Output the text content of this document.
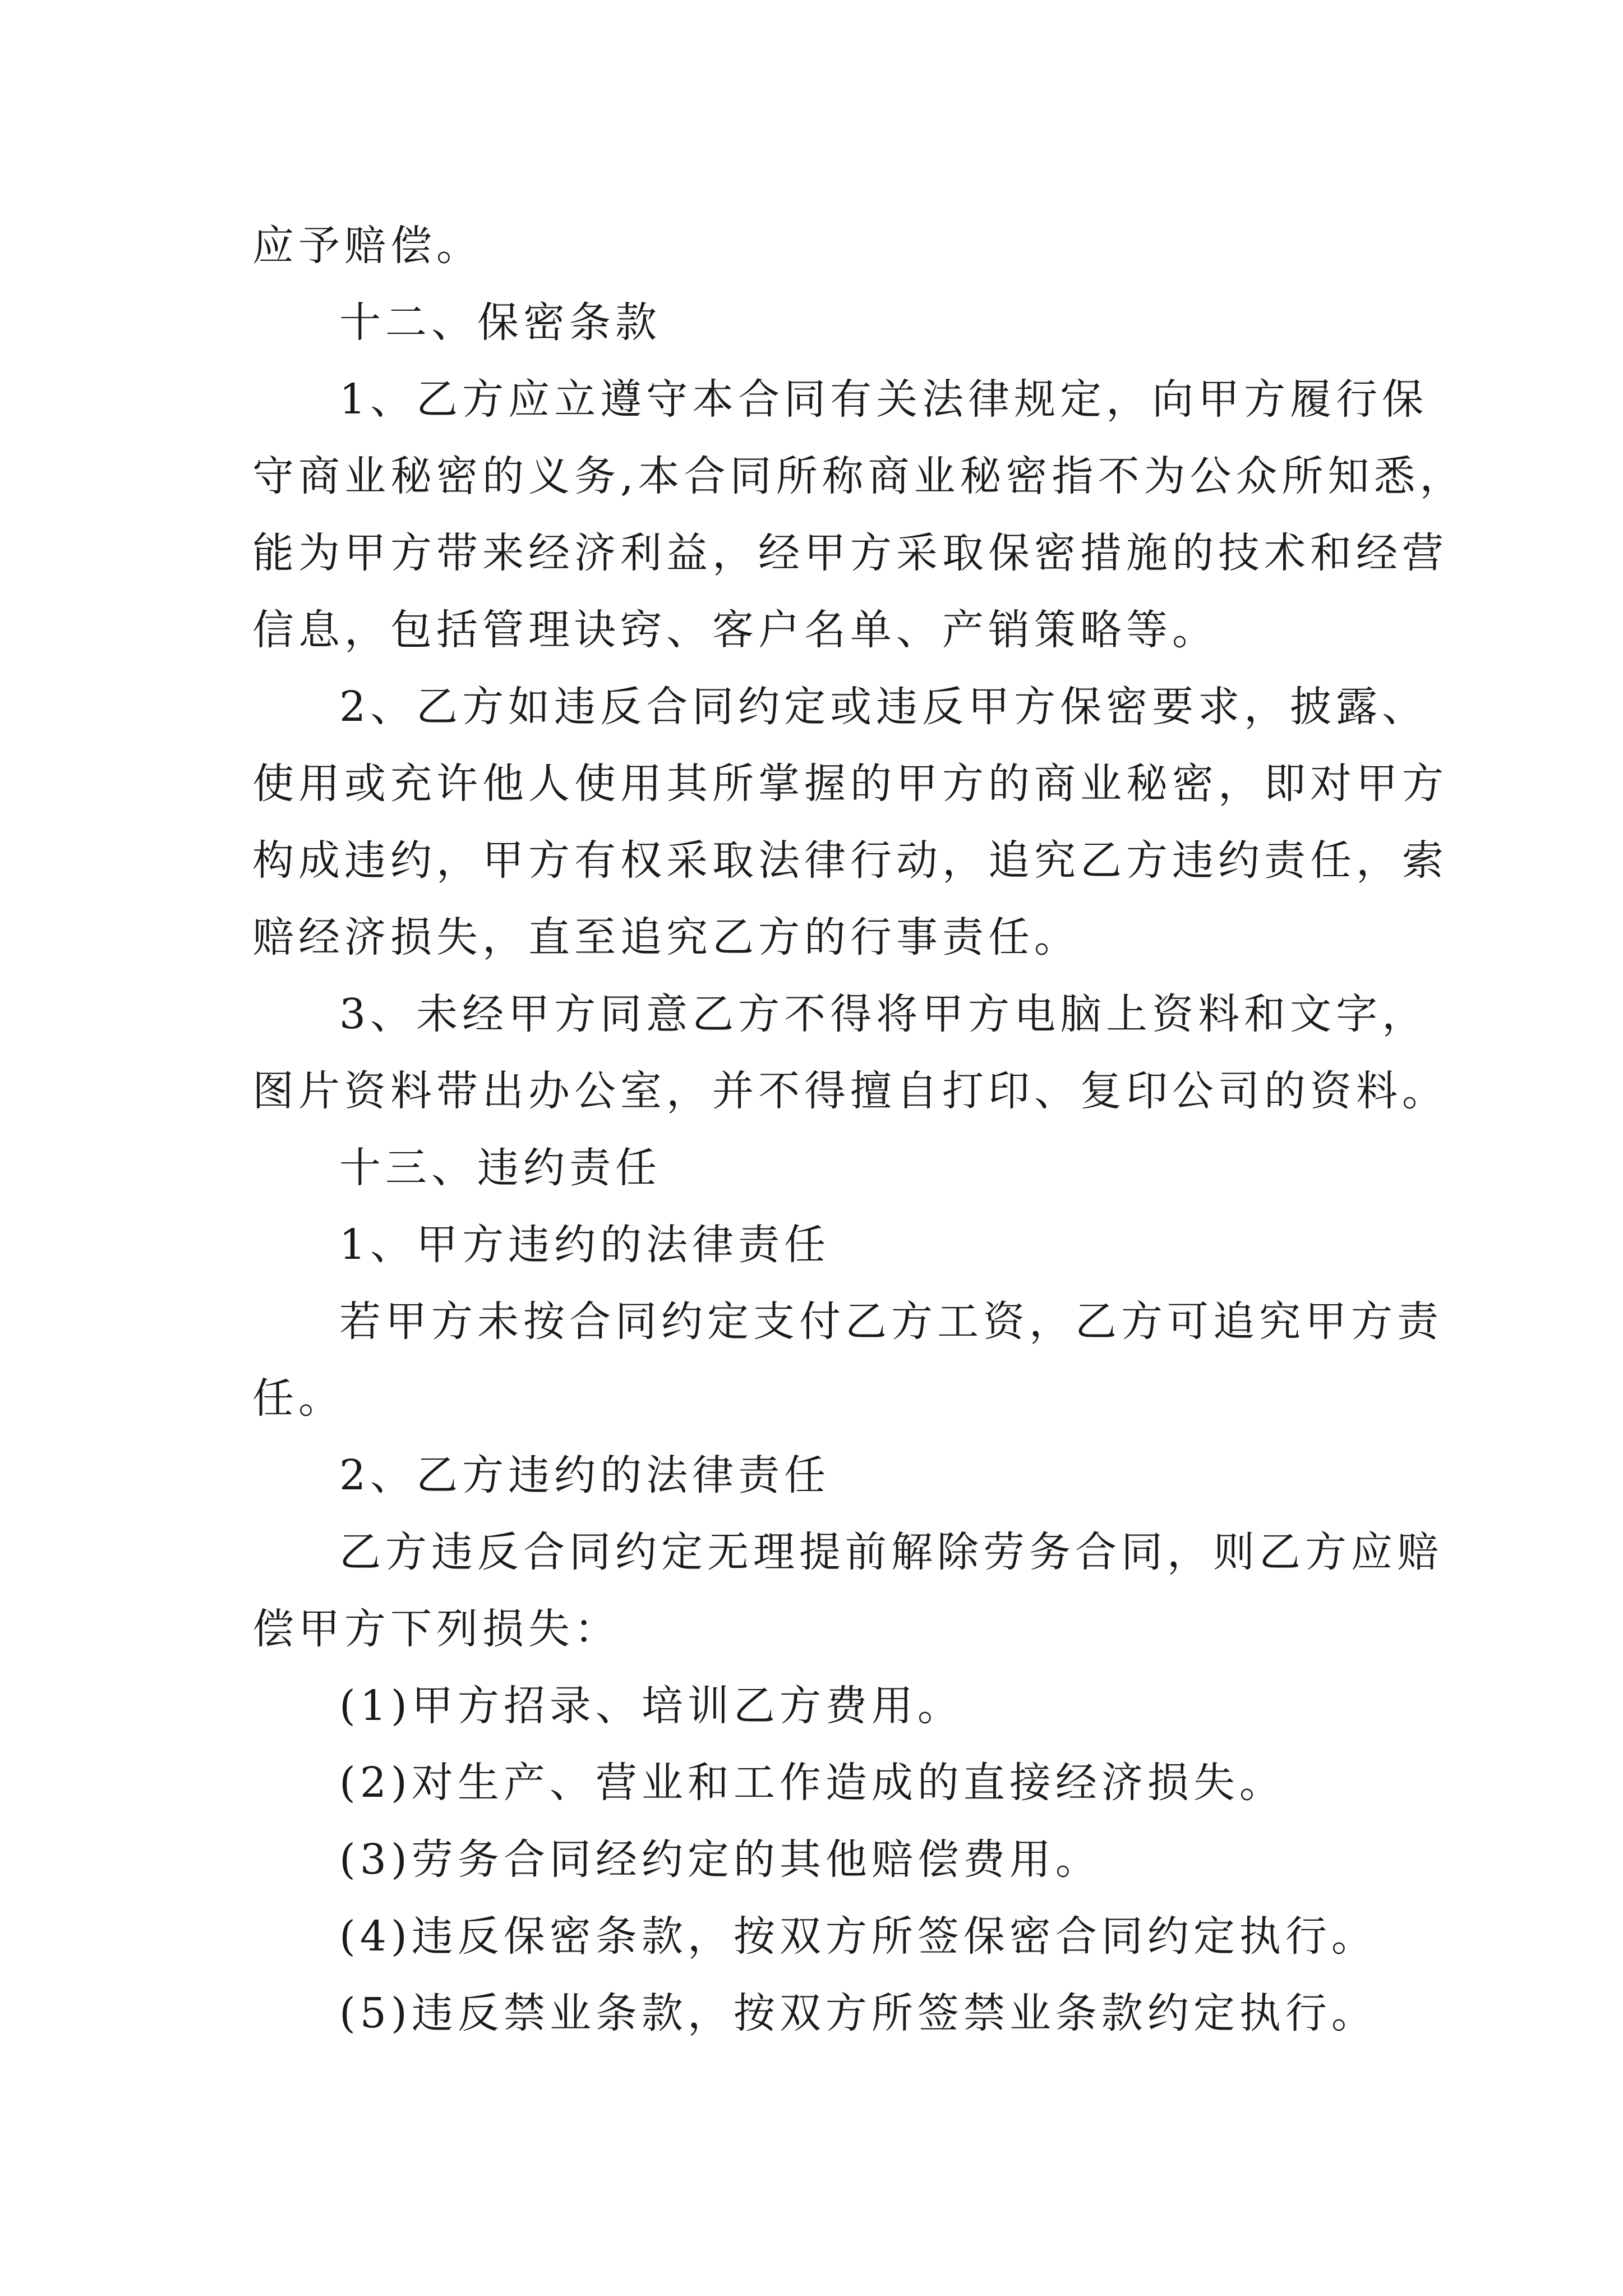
应予赔偿。
十二、保密条款
1、乙方应立遵守本合同有关法律规定，向甲方履行保
守商业秘密的义务,本合同所称商业秘密指不为公众所知悉，
能为甲方带来经济利益，经甲方采取保密措施的技术和经营
信息，包括管理诀窍、客户名单、产销策略等。
2、乙方如违反合同约定或违反甲方保密要求，披露、
使用或充许他人使用其所掌握的甲方的商业秘密，即对甲方
构成违约，甲方有权采取法律行动，追究乙方违约责任，索
赔经济损失，直至追究乙方的行事责任。
3、未经甲方同意乙方不得将甲方电脑上资料和文字，
图片资料带出办公室，并不得擅自打印、复印公司的资料。
十三、违约责任
1、甲方违约的法律责任
若甲方未按合同约定支付乙方工资，乙方可追究甲方责
任。
2、乙方违约的法律责任
乙方违反合同约定无理提前解除劳务合同，则乙方应赔
偿甲方下列损失：
(1)甲方招录、培训乙方费用。
(2)对生产、营业和工作造成的直接经济损失。
(3)劳务合同经约定的其他赔偿费用。
(4)违反保密条款，按双方所签保密合同约定执行。
(5)违反禁业条款，按双方所签禁业条款约定执行。
